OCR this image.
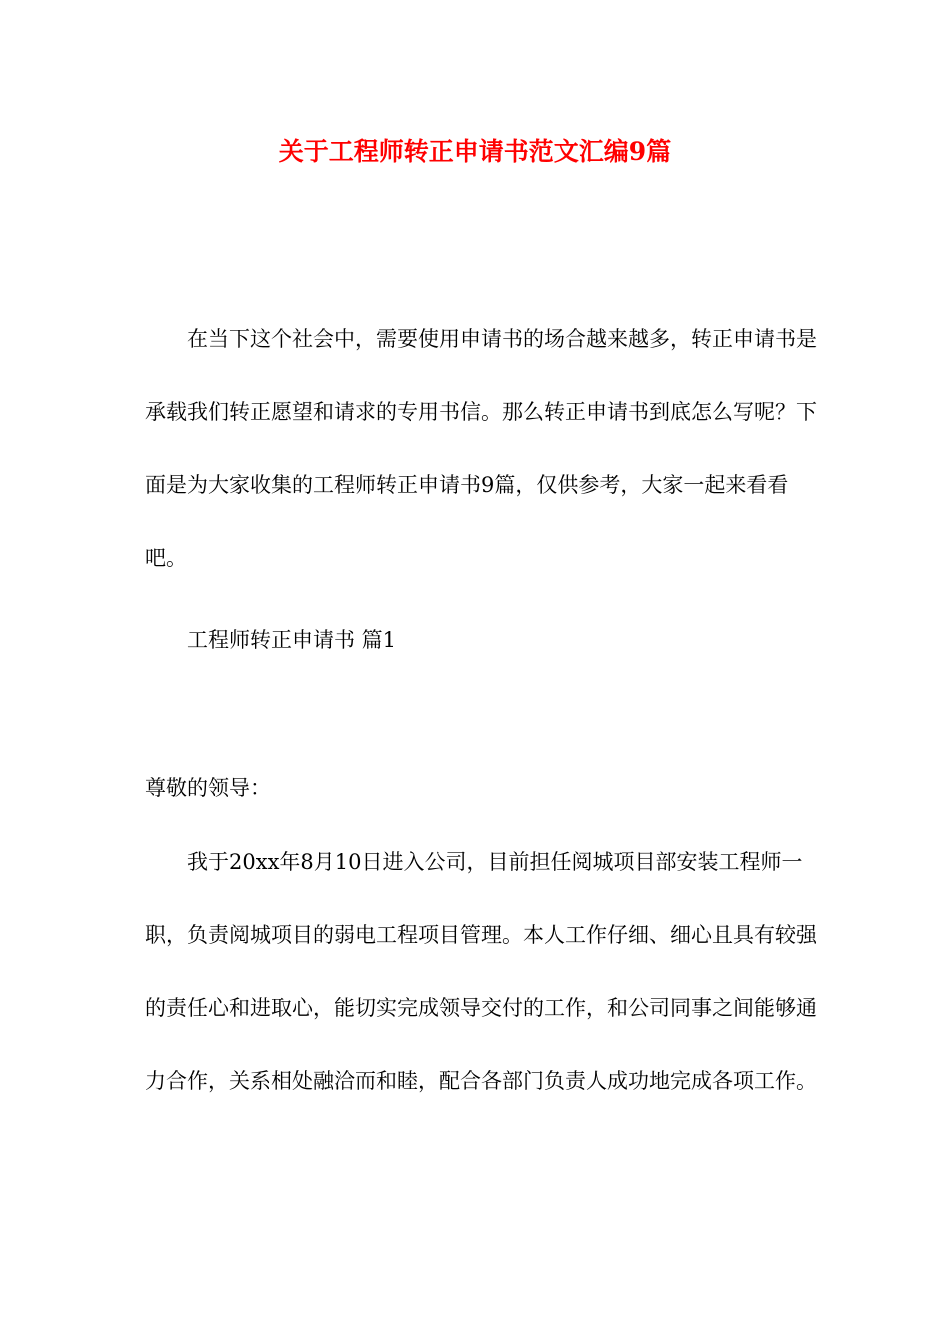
关于工程师转正申请书范文汇编9篇

在当下这个社会中，需要使用申请书的场合越来越多，转正申请书是承载我们转正愿望和请求的专用书信。那么转正申请书到底怎么写呢？下面是为大家收集的工程师转正申请书9篇，仅供参考，大家一起来看看吧。

工程师转正申请书 篇1

尊敬的领导：

我于20xx年8月10日进入公司，目前担任阅城项目部安装工程师一职，负责阅城项目的弱电工程项目管理。本人工作仔细、细心且具有较强的责任心和进取心，能切实完成领导交付的工作，和公司同事之间能够通力合作，关系相处融洽而和睦，配合各部门负责人成功地完成各项工作。
